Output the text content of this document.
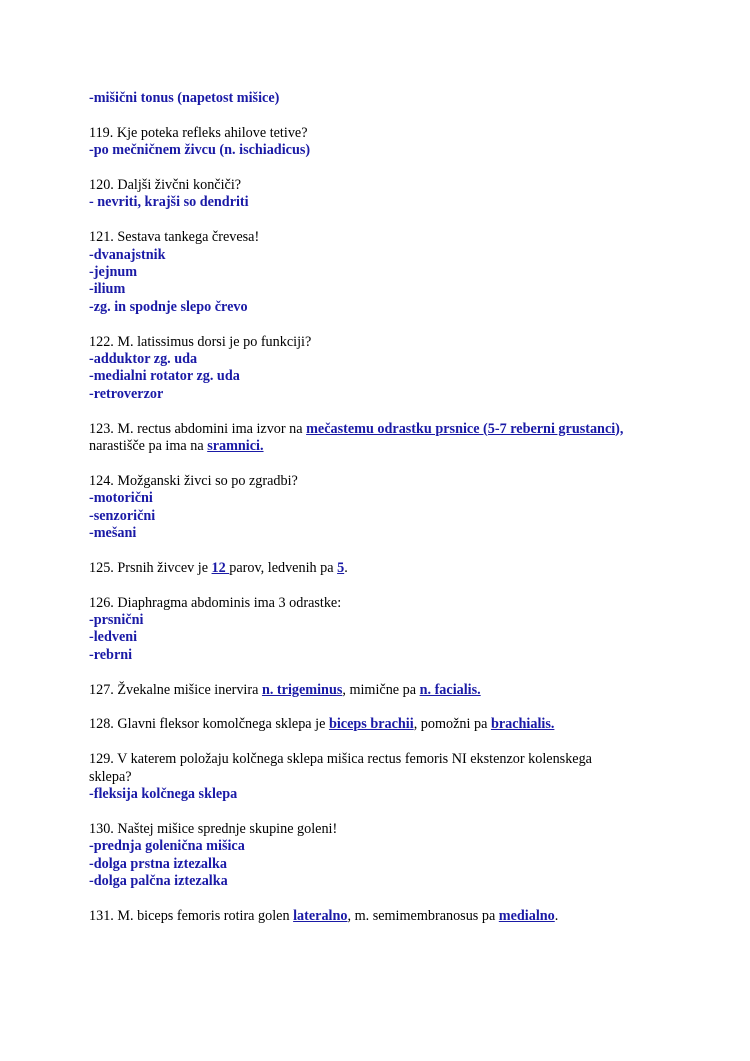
-mišični tonus (napetost mišice)
119. Kje poteka refleks ahilove tetive?
-po mečničnem živcu (n. ischiadicus)
120. Daljši živčni končiči?
- nevriti, krajši so dendriti
121. Sestava tankega črevesa!
-dvanajstnik
-jejnum
-ilium
-zg. in spodnje slepo črevo
122. M. latissimus dorsi je po funkciji?
-adduktor zg. uda
-medialni rotator zg. uda
-retroverzor
123. M. rectus abdomini ima izvor na mečastemu odrastku prsnice (5-7 reberni grustanci),
narastišče pa ima na sramnici.
124. Možganski živci so po zgradbi?
-motorični
-senzorični
-mešani
125. Prsnih živcev je 12 parov, ledvenih pa 5.
126. Diaphragma abdominis ima 3 odrastke:
-prsnični
-ledveni
-rebrni
127. Žvekalne mišice inervira n. trigeminus, mimične pa n. facialis.
128. Glavni fleksor komolčnega sklepa je biceps brachii, pomožni pa brachialis.
129. V katerem položaju kolčnega sklepa mišica rectus femoris NI ekstenzor kolenskega sklepa?
-fleksija kolčnega sklepa
130. Naštej mišice sprednje skupine goleni!
-prednja golenična mišica
-dolga prstna iztezalka
-dolga palčna iztezalka
131. M. biceps femoris rotira golen lateralno, m. semimembranosus pa medialno.
